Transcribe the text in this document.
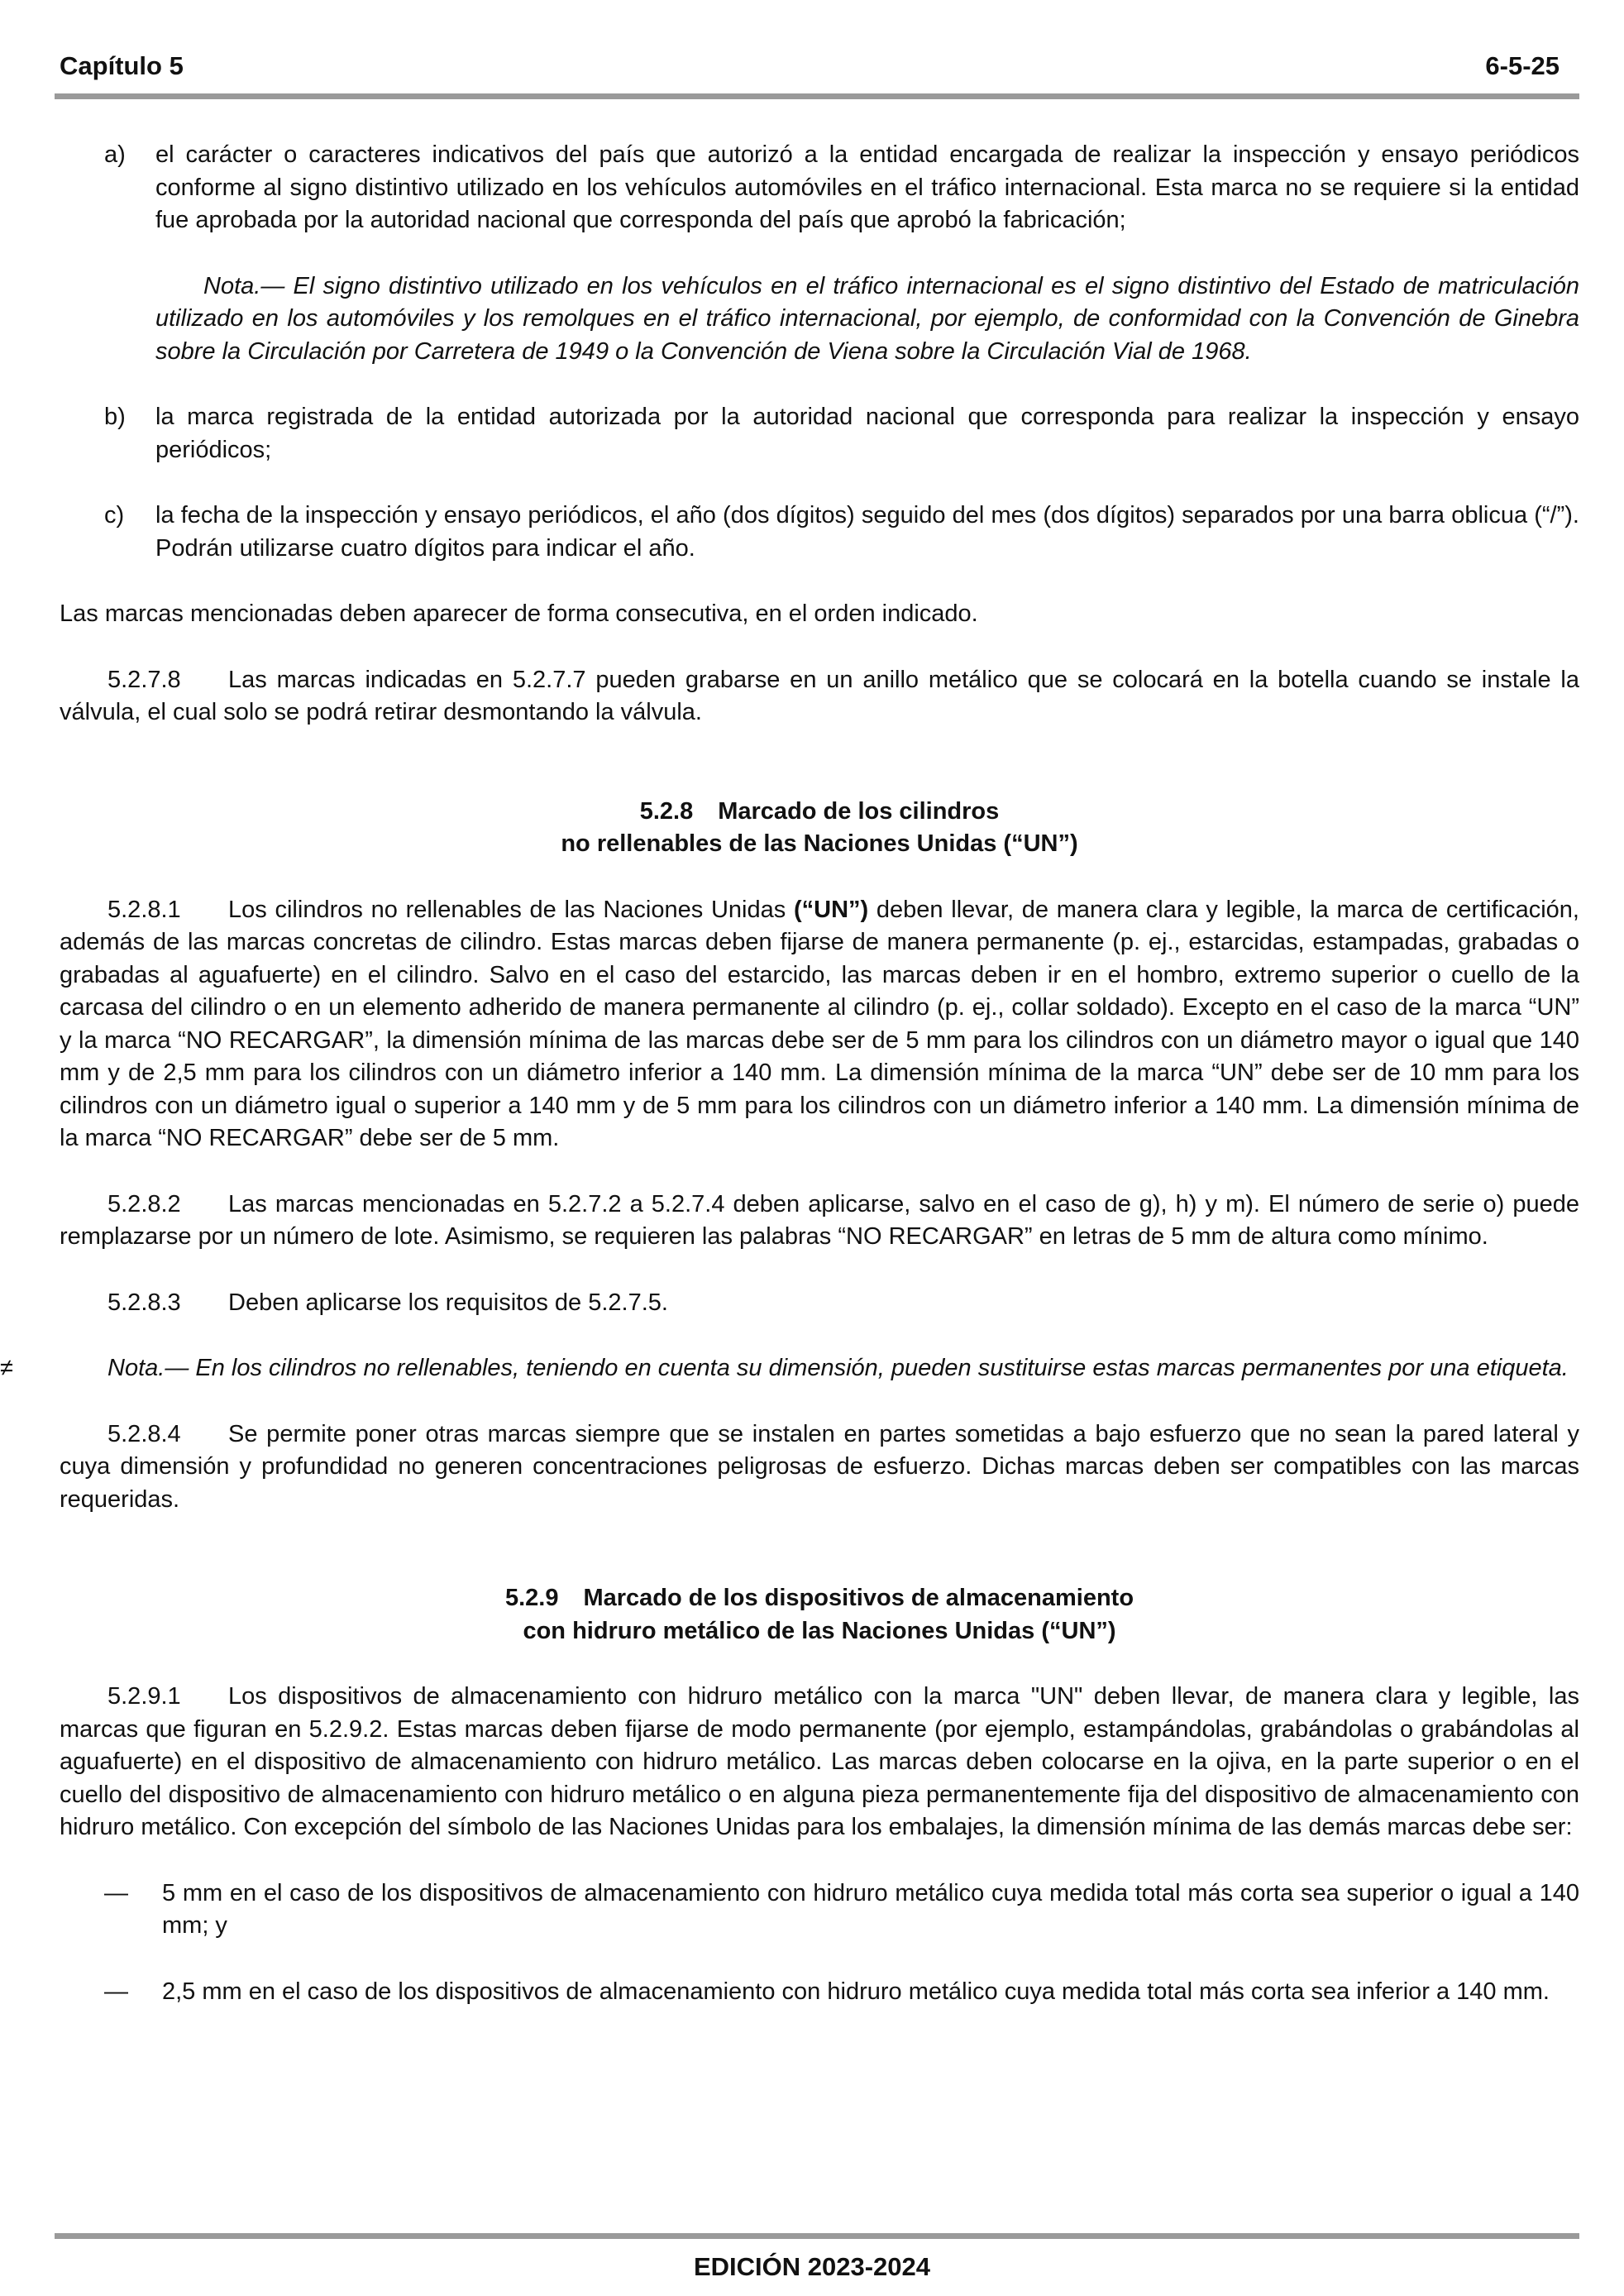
Capítulo 5	6-5-25
a) el carácter o caracteres indicativos del país que autorizó a la entidad encargada de realizar la inspección y ensayo periódicos conforme al signo distintivo utilizado en los vehículos automóviles en el tráfico internacional. Esta marca no se requiere si la entidad fue aprobada por la autoridad nacional que corresponda del país que aprobó la fabricación;
Nota.— El signo distintivo utilizado en los vehículos en el tráfico internacional es el signo distintivo del Estado de matriculación utilizado en los automóviles y los remolques en el tráfico internacional, por ejemplo, de conformidad con la Convención de Ginebra sobre la Circulación por Carretera de 1949 o la Convención de Viena sobre la Circulación Vial de 1968.
b) la marca registrada de la entidad autorizada por la autoridad nacional que corresponda para realizar la inspección y ensayo periódicos;
c) la fecha de la inspección y ensayo periódicos, el año (dos dígitos) seguido del mes (dos dígitos) separados por una barra oblicua (“/”). Podrán utilizarse cuatro dígitos para indicar el año.

Las marcas mencionadas deben aparecer de forma consecutiva, en el orden indicado.

5.2.7.8 Las marcas indicadas en 5.2.7.7 pueden grabarse en un anillo metálico que se colocará en la botella cuando se instale la válvula, el cual solo se podrá retirar desmontando la válvula.

5.2.8 Marcado de los cilindros
no rellenables de las Naciones Unidas (“UN”)

5.2.8.1 Los cilindros no rellenables de las Naciones Unidas (“UN”) deben llevar, de manera clara y legible, la marca de certificación, además de las marcas concretas de cilindro. Estas marcas deben fijarse de manera permanente (p. ej., estarcidas, estampadas, grabadas o grabadas al aguafuerte) en el cilindro. Salvo en el caso del estarcido, las marcas deben ir en el hombro, extremo superior o cuello de la carcasa del cilindro o en un elemento adherido de manera permanente al cilindro (p. ej., collar soldado). Excepto en el caso de la marca “UN” y la marca “NO RECARGAR”, la dimensión mínima de las marcas debe ser de 5 mm para los cilindros con un diámetro mayor o igual que 140 mm y de 2,5 mm para los cilindros con un diámetro inferior a 140 mm. La dimensión mínima de la marca “UN” debe ser de 10 mm para los cilindros con un diámetro igual o superior a 140 mm y de 5 mm para los cilindros con un diámetro inferior a 140 mm. La dimensión mínima de la marca “NO RECARGAR” debe ser de 5 mm.

5.2.8.2 Las marcas mencionadas en 5.2.7.2 a 5.2.7.4 deben aplicarse, salvo en el caso de g), h) y m). El número de serie o) puede remplazarse por un número de lote. Asimismo, se requieren las palabras “NO RECARGAR” en letras de 5 mm de altura como mínimo.

5.2.8.3 Deben aplicarse los requisitos de 5.2.7.5.

≠	Nota.— En los cilindros no rellenables, teniendo en cuenta su dimensión, pueden sustituirse estas marcas permanentes por una etiqueta.

5.2.8.4 Se permite poner otras marcas siempre que se instalen en partes sometidas a bajo esfuerzo que no sean la pared lateral y cuya dimensión y profundidad no generen concentraciones peligrosas de esfuerzo. Dichas marcas deben ser compatibles con las marcas requeridas.

5.2.9 Marcado de los dispositivos de almacenamiento
con hidruro metálico de las Naciones Unidas (“UN”)

5.2.9.1 Los dispositivos de almacenamiento con hidruro metálico con la marca "UN" deben llevar, de manera clara y legible, las marcas que figuran en 5.2.9.2. Estas marcas deben fijarse de modo permanente (por ejemplo, estampándolas, grabándolas o grabándolas al aguafuerte) en el dispositivo de almacenamiento con hidruro metálico. Las marcas deben colocarse en la ojiva, en la parte superior o en el cuello del dispositivo de almacenamiento con hidruro metálico o en alguna pieza permanentemente fija del dispositivo de almacenamiento con hidruro metálico. Con excepción del símbolo de las Naciones Unidas para los embalajes, la dimensión mínima de las demás marcas debe ser:

— 5 mm en el caso de los dispositivos de almacenamiento con hidruro metálico cuya medida total más corta sea superior o igual a 140 mm; y
— 2,5 mm en el caso de los dispositivos de almacenamiento con hidruro metálico cuya medida total más corta sea inferior a 140 mm.
EDICIÓN 2023-2024
